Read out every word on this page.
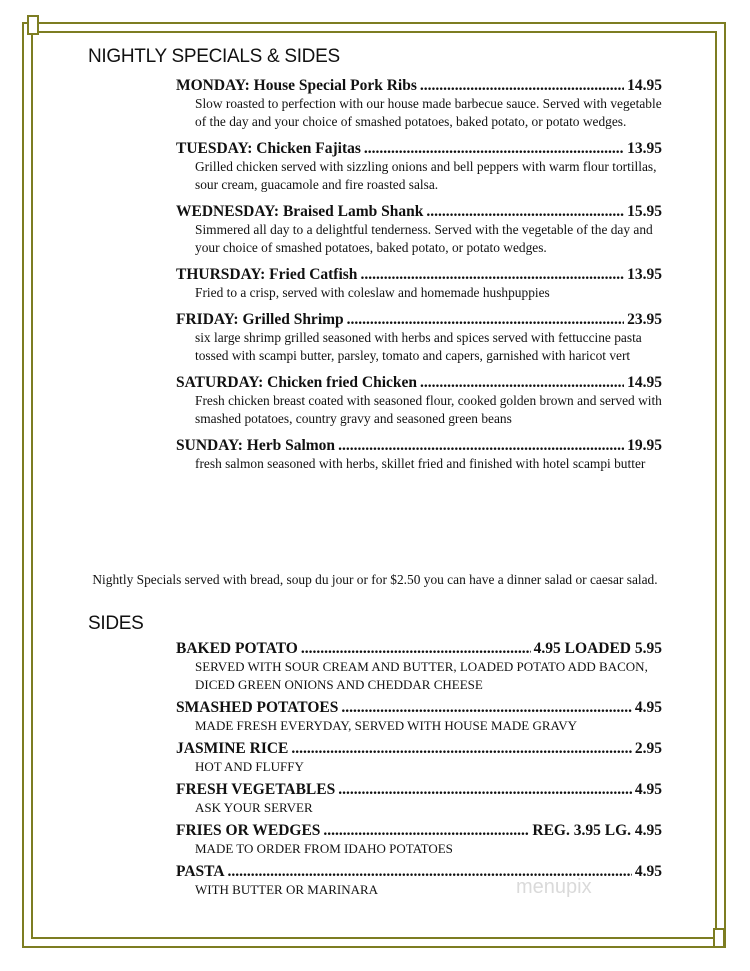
NIGHTLY SPECIALS & SIDES
MONDAY: House Special Pork Ribs .....	14.95
Slow roasted to perfection with our house made barbecue sauce. Served with vegetable of the day and your choice of smashed potatoes, baked potato, or potato wedges.
TUESDAY: Chicken Fajitas .....	13.95
Grilled chicken served with sizzling onions and bell peppers with warm flour tortillas, sour cream, guacamole and fire roasted salsa.
WEDNESDAY: Braised Lamb Shank .....	15.95
Simmered all day to a delightful tenderness. Served with the vegetable of the day and your choice of smashed potatoes, baked potato, or potato wedges.
THURSDAY: Fried Catfish .....	13.95
Fried to a crisp, served with coleslaw and homemade hushpuppies
FRIDAY: Grilled Shrimp .....	23.95
six large shrimp grilled seasoned with herbs and spices served with fettuccine pasta tossed with scampi butter, parsley, tomato and capers, garnished with haricot vert
SATURDAY: Chicken fried Chicken .....	14.95
Fresh chicken breast coated with seasoned flour, cooked golden brown and served with smashed potatoes, country gravy and seasoned green beans
SUNDAY: Herb Salmon .....	19.95
fresh salmon seasoned with herbs, skillet fried and finished with hotel scampi butter
Nightly Specials served with bread, soup du jour or for $2.50 you can have a dinner salad or caesar salad.
SIDES
BAKED POTATO .....	4.95 LOADED 5.95
SERVED WITH SOUR CREAM AND BUTTER, LOADED POTATO ADD BACON, DICED GREEN ONIONS AND CHEDDAR CHEESE
SMASHED POTATOES .....	4.95
MADE FRESH EVERYDAY, SERVED WITH HOUSE MADE GRAVY
JASMINE RICE .....	2.95
HOT AND FLUFFY
FRESH VEGETABLES .....	4.95
ASK YOUR SERVER
FRIES OR WEDGES .....	REG. 3.95 LG. 4.95
MADE TO ORDER FROM IDAHO POTATOES
PASTA .....	4.95
WITH BUTTER OR MARINARA	menupix
